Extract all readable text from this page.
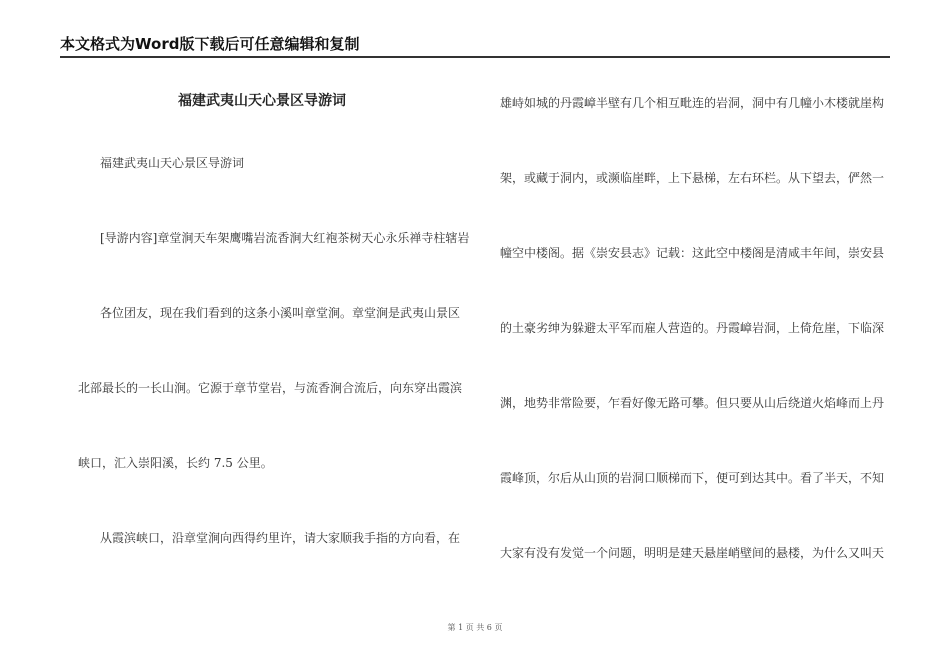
本文格式为Word版下载后可任意编辑和复制
福建武夷山天心景区导游词
福建武夷山天心景区导游词
[导游内容]章堂涧天车架鹰嘴岩流香涧大红袍茶树天心永乐禅寺柱辖岩
各位团友，现在我们看到的这条小溪叫章堂涧。章堂涧是武夷山景区
北部最长的一长山涧。它源于章节堂岩，与流香涧合流后，向东穿出霞滨
峡口，汇入崇阳溪，长约 7.5 公里。
从霞滨峡口，沿章堂涧向西得约里许，请大家顺我手指的方向看，在
雄峙如城的丹霞嶂半壁有几个相互毗连的岩洞，洞中有几幢小木楼就崖构
架，或藏于洞内，或濒临崖畔，上下悬梯，左右环栏。从下望去，俨然一
幢空中楼阁。据《崇安县志》记载：这此空中楼阁是清咸丰年间，崇安县
的土豪劣绅为躲避太平军而雇人营造的。丹霞嶂岩洞，上倚危崖，下临深
渊，地势非常险要，乍看好像无路可攀。但只要从山后绕道火焰峰而上丹
霞峰顶，尔后从山顶的岩洞口顺梯而下，便可到达其中。看了半天，不知
大家有没有发觉一个问题，明明是建天悬崖峭壁间的悬楼，为什么又叫天
第 1 页 共 6 页
